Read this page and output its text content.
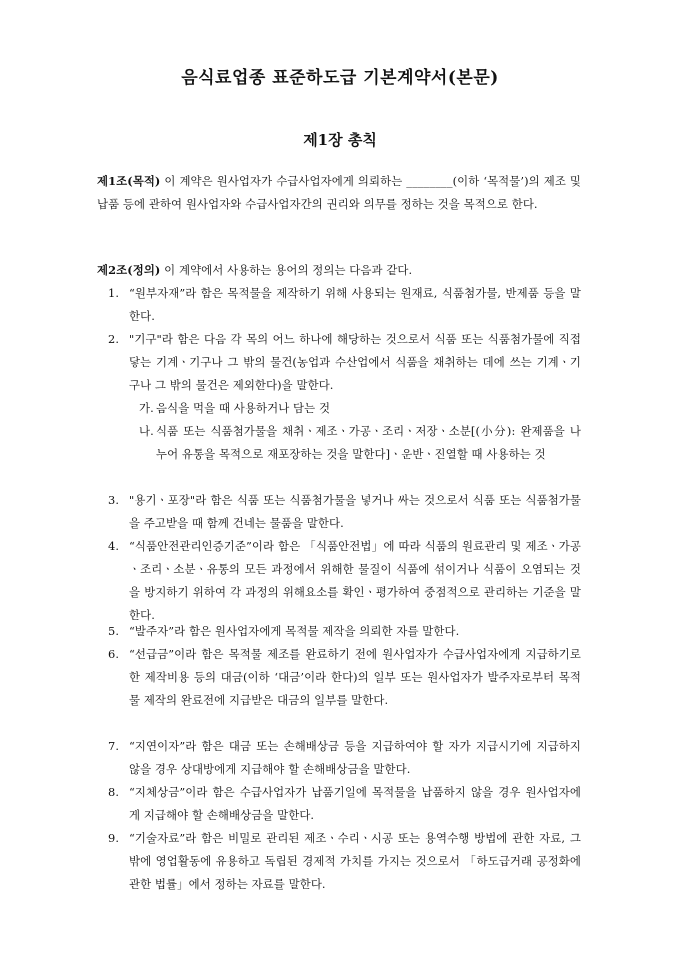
음식료업종 표준하도급 기본계약서(본문)
제1장 총칙
제1조(목적) 이 계약은 원사업자가 수급사업자에게 의뢰하는 ________(이하 ‘목적물’)의 제조 및 납품 등에 관하여 원사업자와 수급사업자간의 권리와 의무를 정하는 것을 목적으로 한다.
제2조(정의) 이 계약에서 사용하는 용어의 정의는 다음과 같다.
1. “원부자재”라 함은 목적물을 제작하기 위해 사용되는 원재료, 식품첨가물, 반제품 등을 말한다.
2. "기구"라 함은 다음 각 목의 어느 하나에 해당하는 것으로서 식품 또는 식품첨가물에 직접 닿는 기계ㆍ기구나 그 밖의 물건(농업과 수산업에서 식품을 채취하는 데에 쓰는 기계ㆍ기구나 그 밖의 물건은 제외한다)을 말한다.
가. 음식을 먹을 때 사용하거나 담는 것
나. 식품 또는 식품첨가물을 채취ㆍ제조ㆍ가공ㆍ조리ㆍ저장ㆍ소분[(小分): 완제품을 나누어 유통을 목적으로 재포장하는 것을 말한다]ㆍ운반ㆍ진열할 때 사용하는 것
3. "용기ㆍ포장"라 함은 식품 또는 식품첨가물을 넣거나 싸는 것으로서 식품 또는 식품첨가물을 주고받을 때 함께 건네는 물품을 말한다.
4. “식품안전관리인증기준”이라 함은 「식품안전법」에 따라 식품의 원료관리 및 제조ㆍ가공ㆍ조리ㆍ소분ㆍ유통의 모든 과정에서 위해한 물질이 식품에 섞이거나 식품이 오염되는 것을 방지하기 위하여 각 과정의 위해요소를 확인ㆍ평가하여 중점적으로 관리하는 기준을 말한다.
5. “발주자”라 함은 원사업자에게 목적물 제작을 의뢰한 자를 말한다.
6. “선급금”이라 함은 목적물 제조를 완료하기 전에 원사업자가 수급사업자에게 지급하기로 한 제작비용 등의 대금(이하 ‘대금’이라 한다)의 일부 또는 원사업자가 발주자로부터 목적물 제작의 완료전에 지급받은 대금의 일부를 말한다.
7. “지연이자”라 함은 대금 또는 손해배상금 등을 지급하여야 할 자가 지급시기에 지급하지 않을 경우 상대방에게 지급해야 할 손해배상금을 말한다.
8. “지체상금”이라 함은 수급사업자가 납품기일에 목적물을 납품하지 않을 경우 원사업자에게 지급해야 할 손해배상금을 말한다.
9. “기술자료”라 함은 비밀로 관리된 제조ㆍ수리ㆍ시공 또는 용역수행 방법에 관한 자료, 그 밖에 영업활동에 유용하고 독립된 경제적 가치를 가지는 것으로서 「하도급거래 공정화에 관한 법률」에서 정하는 자료를 말한다.
